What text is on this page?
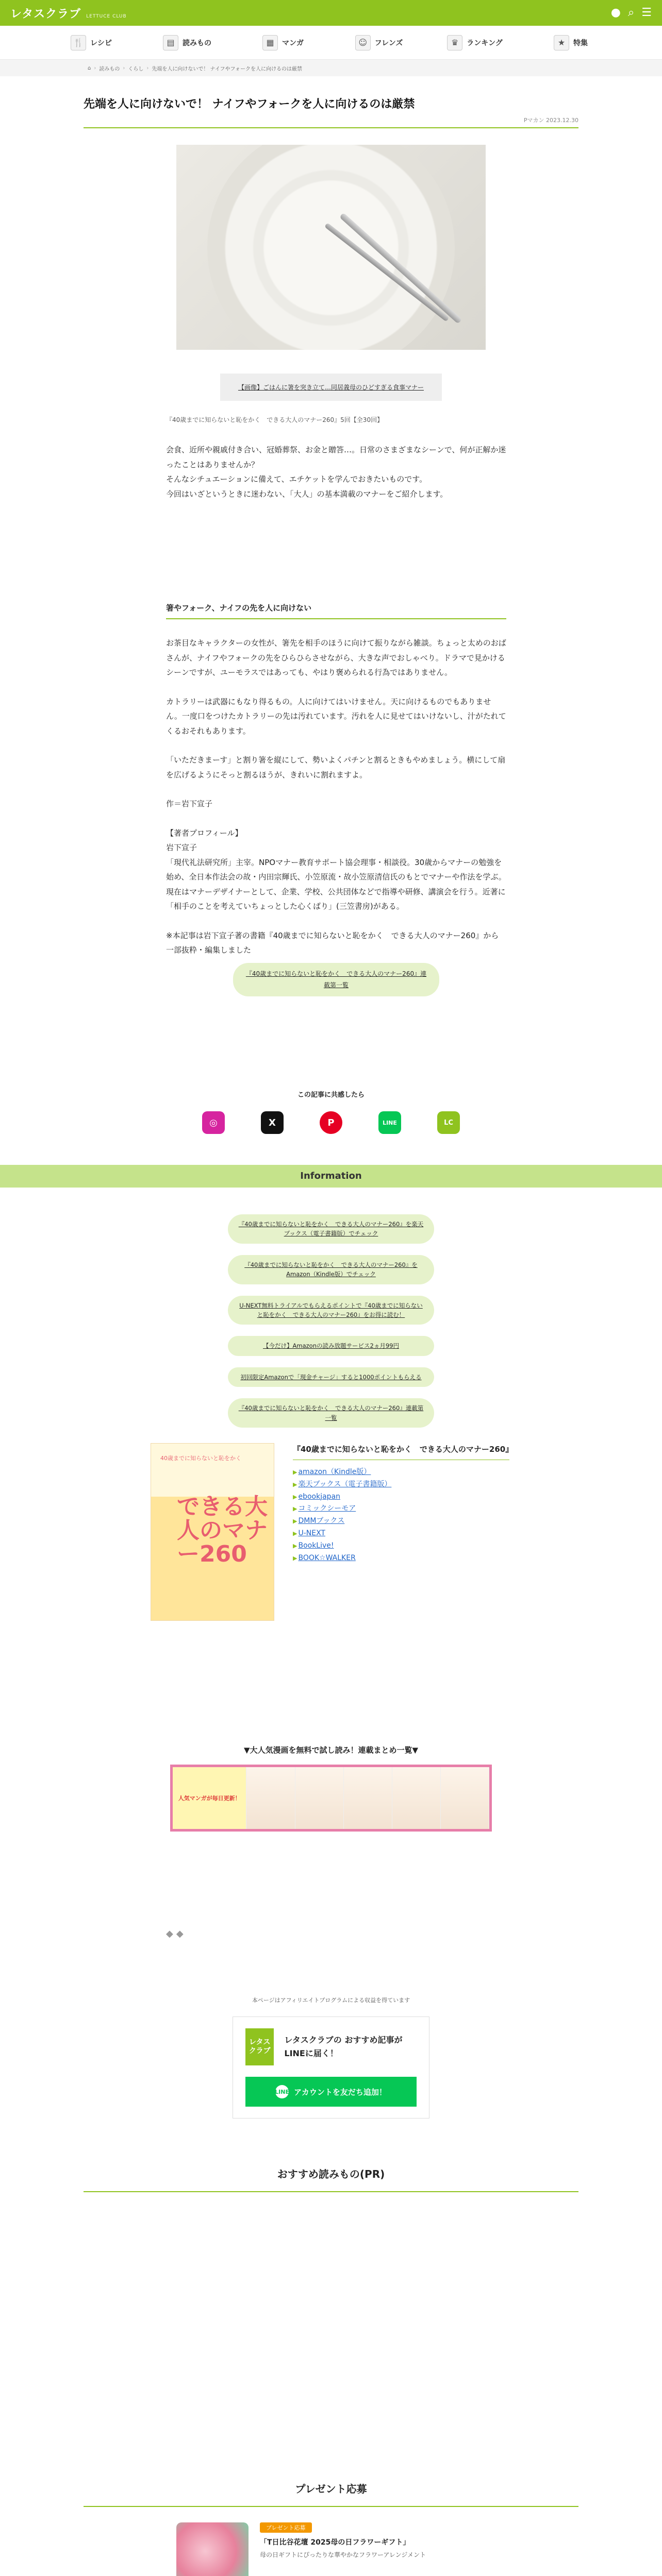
レタスクラブ LETTUCE CLUB	● ⌕ ☰
🍴 レシピ	▤	読みもの	▦	マンガ	☺	フレンズ	♛	ランキング	★	特集
⌂ › 読みもの › くらし › 先端を人に向けないで！ ナイフやフォークを人に向けるのは厳禁
先端を人に向けないで！ ナイフやフォークを人に向けるのは厳禁
Pマカン 2023.12.30
【画像】ごはんに箸を突き立て…同居義母のひどすぎる食事マナー
『40歳までに知らないと恥をかく　できる大人のマナー260』5回【全30回】

会食、近所や親戚付き合い、冠婚葬祭、お金と贈答…。日常のさまざまなシーンで、何が正解か迷ったことはありませんか？

そんなシチュエーションに備えて、エチケットを学んでおきたいものです。

今回はいざというときに迷わない、「大人」の基本満載のマナーをご紹介します。

箸やフォーク、ナイフの先を人に向けない

お茶目なキャラクターの女性が、箸先を相手のほうに向けて振りながら雑談。ちょっと太めのおばさんが、ナイフやフォークの先をひらひらさせながら、大きな声でおしゃべり。ドラマで見かけるシーンですが、ユーモラスではあっても、やはり褒められる行為ではありません。

カトラリーは武器にもなり得るもの。人に向けてはいけません。天に向けるものでもありません。一度口をつけたカトラリーの先は汚れています。汚れを人に見せてはいけないし、汁がたれてくるおそれもあります。

「いただきまーす」と割り箸を縦にして、勢いよくパチンと割るときもやめましょう。横にして扇を広げるようにそっと割るほうが、きれいに割れますよ。

作＝岩下宣子

【著者プロフィール】
岩下宣子
「現代礼法研究所」主宰。NPOマナー教育サポート協会理事・相談役。30歳からマナーの勉強を始め、全日本作法会の故・内田宗輝氏、小笠原流・故小笠原清信氏のもとでマナーや作法を学ぶ。現在はマナーデザイナーとして、企業、学校、公共団体などで指導や研修、講演会を行う。近著に「相手のことを考えていちょっとした心くばり」(三笠書房)がある。

※本記事は岩下宣子著の書籍『40歳までに知らないと恥をかく　できる大人のマナー260』から一部抜粋・編集しました

『40歳までに知らないと恥をかく　できる大人のマナー260』連載第一覧
この記事に共感したら
◎	X	P	LINE	LC
Information
『40歳までに知らないと恥をかく　できる大人のマナー260』を楽天ブックス（電子書籍版）でチェック
『40歳までに知らないと恥をかく　できる大人のマナー260』をAmazon（Kindle版）でチェック
U-NEXT無料トライアルでもらえるポイントで『40歳までに知らないと恥をかく　できる大人のマナー260』をお得に読む！
【今だけ】Amazonの読み放題サービス2ヵ月99円
初回限定Amazonで「現金チャージ」すると1000ポイントもらえる
『40歳までに知らないと恥をかく　できる大人のマナー260』連載第一覧
40歳までに知らないと恥をかく
できる大人のマナー260
『40歳までに知らないと恥をかく　できる大人のマナー260』
▶ amazon（Kindle版）
▶ 楽天ブックス（電子書籍版）
▶ ebookjapan
▶ コミックシーモア
▶ DMMブックス
▶ U-NEXT
▶ BookLive!
▶ BOOK☆WALKER
▼大人気漫画を無料で試し読み！連載まとめ一覧▼
人気マンガが毎日更新！
◆◆
本ページはアフィリエイトプログラムによる収益を得ています
レタスクラブ
レタスクラブの おすすめ記事がLINEに届く！
LINE アカウントを友だち追加！
おすすめ読みもの(PR)
プレゼント応募
プレゼント応募
「T日比谷花壇 2025母の日フラワーギフト」
母の日ギフトにぴったりな華やかなフラワーアレンジメント
